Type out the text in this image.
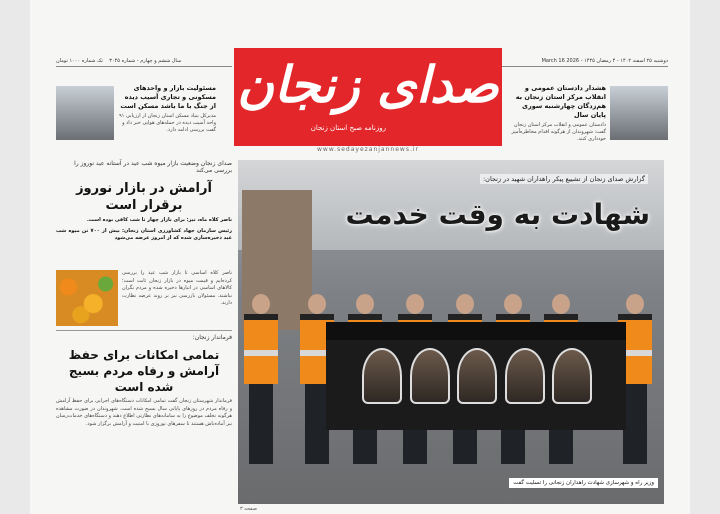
دوشنبه ۲۵ اسفند ۱۴۰۲ - ۴ رمضان ۱۴۴۵ - March 16 2026
سال ششم و چهارم - شماره ۳۰۴۵    تک شماره ۱۰۰۰ تومان	صدای زنجان
روزنامه صبح استان زنجان
www.sedayezanjannews.ir
هشدار دادستان عمومی و انقلاب مرکز استان زنجان به هم‌زدگان چهارشنبه سوری پایان سال
دادستان عمومی و انقلاب مرکز استان زنجان گفت: شهروندان از هرگونه اقدام مخاطره‌آمیز خودداری کنند.
مسئولیت بازار و واحدهای مسکونی و تجاری آسیب دیده از جنگ با ما باشد مسکن است
مدیرکل بنیاد مسکن استان زنجان از ارزیابی ۹۱ واحد آسیب دیده در حمله‌های هوایی خبر داد و گفت بررسی ادامه دارد.
صدای زنجان وضعیت بازار میوه شب عید در آستانه عید نوروز را بررسی می‌کند
آرامش در بازار نوروز برقرار است
ناصر کلاه ماه، تیز: برای بازار چهار تا شب کافی بوده است.
رئیس سازمان جهاد کشاورزی استان زنجان: بیش از ۷۰۰ تن میوه شب عید ذخیره‌سازی شده که از امروز عرضه می‌شود
ناصر کلاه اساسی تا بازار شب عید را بررسی کرده‌ایم و قیمت میوه در بازار زنجان ثابت است؛ کالاهای اساسی در انبارها ذخیره شده و مردم نگران نباشند. مسئولان بازرسی نیز بر روند عرضه نظارت دارند.
فرماندار زنجان:
تمامی امکانات برای حفظ آرامش و رفاه مردم بسیج شده است
فرماندار شهرستان زنجان گفت تمامی امکانات دستگاه‌های اجرایی برای حفظ آرامش و رفاه مردم در روزهای پایانی سال بسیج شده است. شهروندان در صورت مشاهده هرگونه تخلف موضوع را به سامانه‌های نظارتی اطلاع دهند و دستگاه‌های خدمات‌رسان نیز آماده‌باش هستند تا سفرهای نوروزی با امنیت و آرامش برگزار شود.
گزارش صدای زنجان از تشییع پیکر راهداران شهید در زنجان:
شهادت به وقت خدمت
وزیر راه و شهرسازی شهادت راهداران زنجانی را تسلیت گفت
صفحه ۳
